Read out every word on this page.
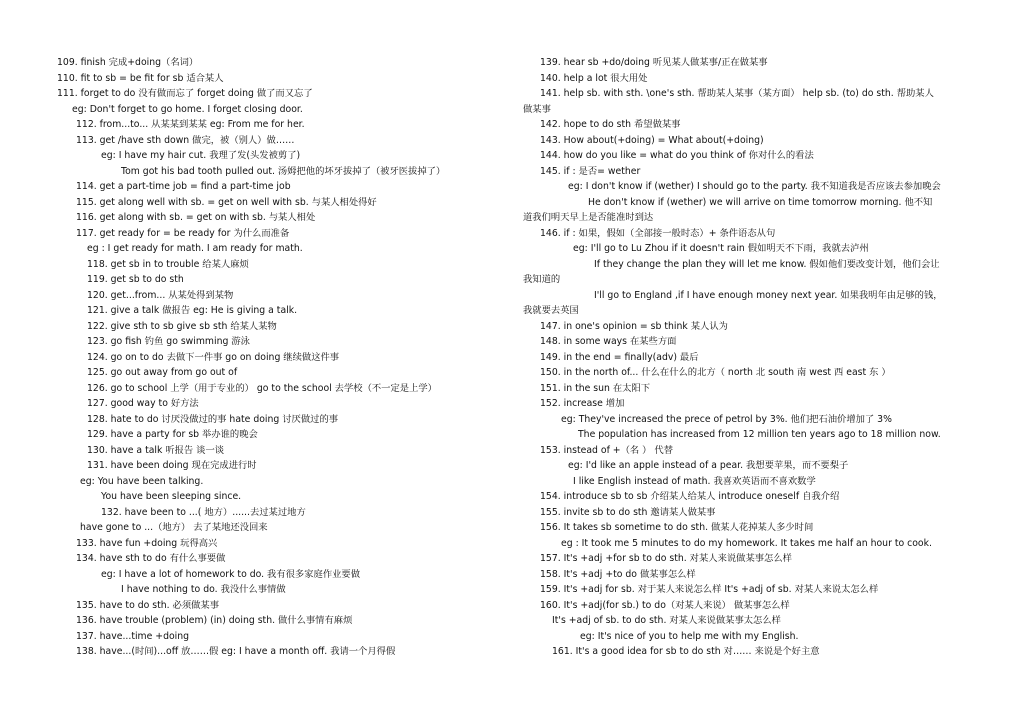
109. finish 完成+doing（名词）
110. fit to sb = be fit for sb 适合某人
111. forget to do 没有做而忘了 forget doing 做了而又忘了
eg: Don't forget to go home. I forget closing door.
112. from...to... 从某某到某某 eg: From me for her.
113. get /have sth down 做完，被（别人）做……
eg: I have my hair cut. 我理了发(头发被剪了)
Tom got his bad tooth pulled out. 汤姆把他的坏牙拔掉了（被牙医拔掉了）
114. get a part-time job = find a part-time job
115. get along well with sb. = get on well with sb. 与某人相处得好
116. get along with sb. = get on with sb. 与某人相处
117. get ready for = be ready for 为什么而准备
eg : I get ready for math. I am ready for math.
118. get sb in to trouble 给某人麻烦
119. get sb to do sth
120. get...from... 从某处得到某物
121. give a talk 做报告 eg: He is giving a talk.
122. give sth to sb give sb sth 给某人某物
123. go fish 钓鱼 go swimming 游泳
124. go on to do 去做下一件事 go on doing 继续做这件事
125. go out away from go out of
126. go to school 上学（用于专业的） go to the school 去学校（不一定是上学）
127. good way to 好方法
128. hate to do 讨厌没做过的事 hate doing 讨厌做过的事
129. have a party for sb 举办谁的晚会
130. have a talk 听报告 谈一谈
131. have been doing 现在完成进行时
eg: You have been talking.
You have been sleeping since.
132. have been to ...( 地方）......去过某过地方
have gone to ...（地方） 去了某地还没回来
133. have fun +doing 玩得高兴
134. have sth to do 有什么事要做
eg: I have a lot of homework to do. 我有很多家庭作业要做
I have nothing to do. 我没什么事情做
135. have to do sth. 必须做某事
136. have trouble (problem) (in) doing sth. 做什么事情有麻烦
137. have...time +doing
138. have...(时间)...off 放……假 eg: I have a month off. 我请一个月得假
139. hear sb +do/doing 听见某人做某事/正在做某事
140. help a lot 很大用处
141. help sb. with sth. \one's sth. 帮助某人某事（某方面） help sb. (to) do sth. 帮助某人
做某事
142. hope to do sth 希望做某事
143. How about(+doing) = What about(+doing)
144. how do you like = what do you think of 你对什么的看法
145. if : 是否= wether
eg: I don't know if (wether) I should go to the party. 我不知道我是否应该去参加晚会
He don't know if (wether) we will arrive on time tomorrow morning. 他不知
道我们明天早上是否能准时到达
146. if : 如果，假如（全部接一般时态）+ 条件语态从句
eg: I'll go to Lu Zhou if it doesn't rain 假如明天不下雨，我就去泸州
If they change the plan they will let me know. 假如他们要改变计划，他们会让
我知道的
I'll go to England ,if I have enough money next year. 如果我明年由足够的钱，
我就要去英国
147. in one's opinion = sb think 某人认为
148. in some ways 在某些方面
149. in the end = finally(adv) 最后
150. in the north of... 什么在什么的北方（ north 北 south 南 west 西 east 东 ）
151. in the sun 在太阳下
152. increase 增加
eg: They've increased the prece of petrol by 3%. 他们把石油价增加了 3%
The population has increased from 12 million ten years ago to 18 million now.
153. instead of +（名 ） 代替
eg: I'd like an apple instead of a pear. 我想要苹果，而不要梨子
I like English instead of math. 我喜欢英语而不喜欢数学
154. introduce sb to sb 介绍某人给某人 introduce oneself 自我介绍
155. invite sb to do sth 邀请某人做某事
156. It takes sb sometime to do sth. 做某人花掉某人多少时间
eg : It took me 5 minutes to do my homework. It takes me half an hour to cook.
157. It's +adj +for sb to do sth. 对某人来说做某事怎么样
158. It's +adj +to do 做某事怎么样
159. It's +adj for sb. 对于某人来说怎么样 It's +adj of sb. 对某人来说太怎么样
160. It's +adj(for sb.) to do（对某人来说） 做某事怎么样
It's +adj of sb. to do sth. 对某人来说做某事太怎么样
eg: It's nice of you to help me with my English.
161. It's a good idea for sb to do sth 对…… 来说是个好主意
